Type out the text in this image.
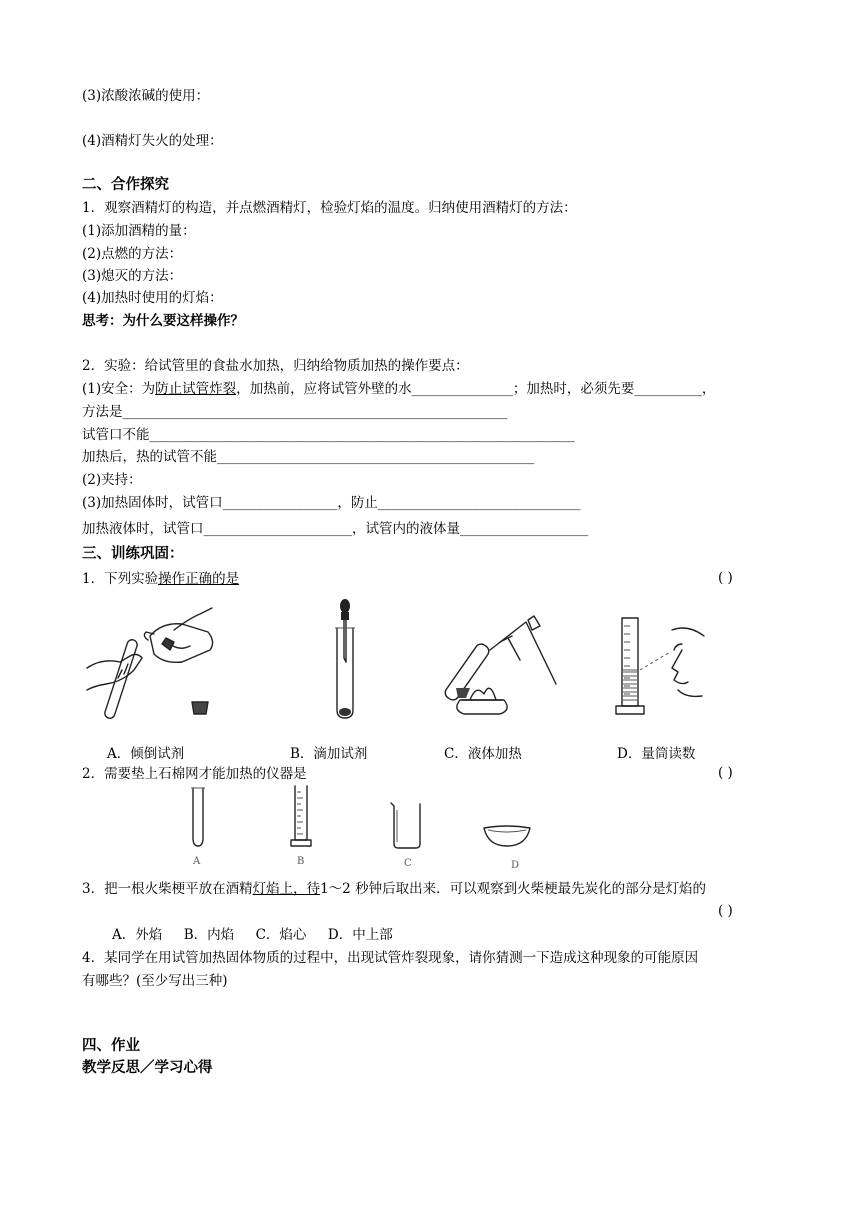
(3)浓酸浓碱的使用：
(4)酒精灯失火的处理：
二、合作探究
1．观察酒精灯的构造，并点燃酒精灯，检验灯焰的温度。归纳使用酒精灯的方法：
(1)添加酒精的量：
(2)点燃的方法：
(3)熄灭的方法：
(4)加热时使用的灯焰：
思考：为什么要这样操作？
2．实验：给试管里的食盐水加热，归纳给物质加热的操作要点：
(1)安全：为防止试管炸裂，加热前，应将试管外壁的水_______________；加热时，必须先要__________，
方法是_________________________________________________________
试管口不能_______________________________________________________________
加热后，热的试管不能_______________________________________________
(2)夹持：
(3)加热固体时，试管口_________________，防止______________________________
加热液体时，试管口______________________，试管内的液体量___________________
三、训练巩固：
1．下列实验操作正确的是	( )
A．倾倒试剂	B．滴加试剂	C．液体加热	D．量筒读数
2．需要垫上石棉网才能加热的仪器是	( )
A	B	C	D
3．把一根火柴梗平放在酒精灯焰上，待1～2 秒钟后取出来．可以观察到火柴梗最先炭化的部分是灯焰的
( )
A．外焰     B．内焰     C．焰心     D．中上部
4．某同学在用试管加热固体物质的过程中，出现试管炸裂现象，请你猜测一下造成这种现象的可能原因
有哪些？(至少写出三种)
四、作业
教学反思／学习心得
